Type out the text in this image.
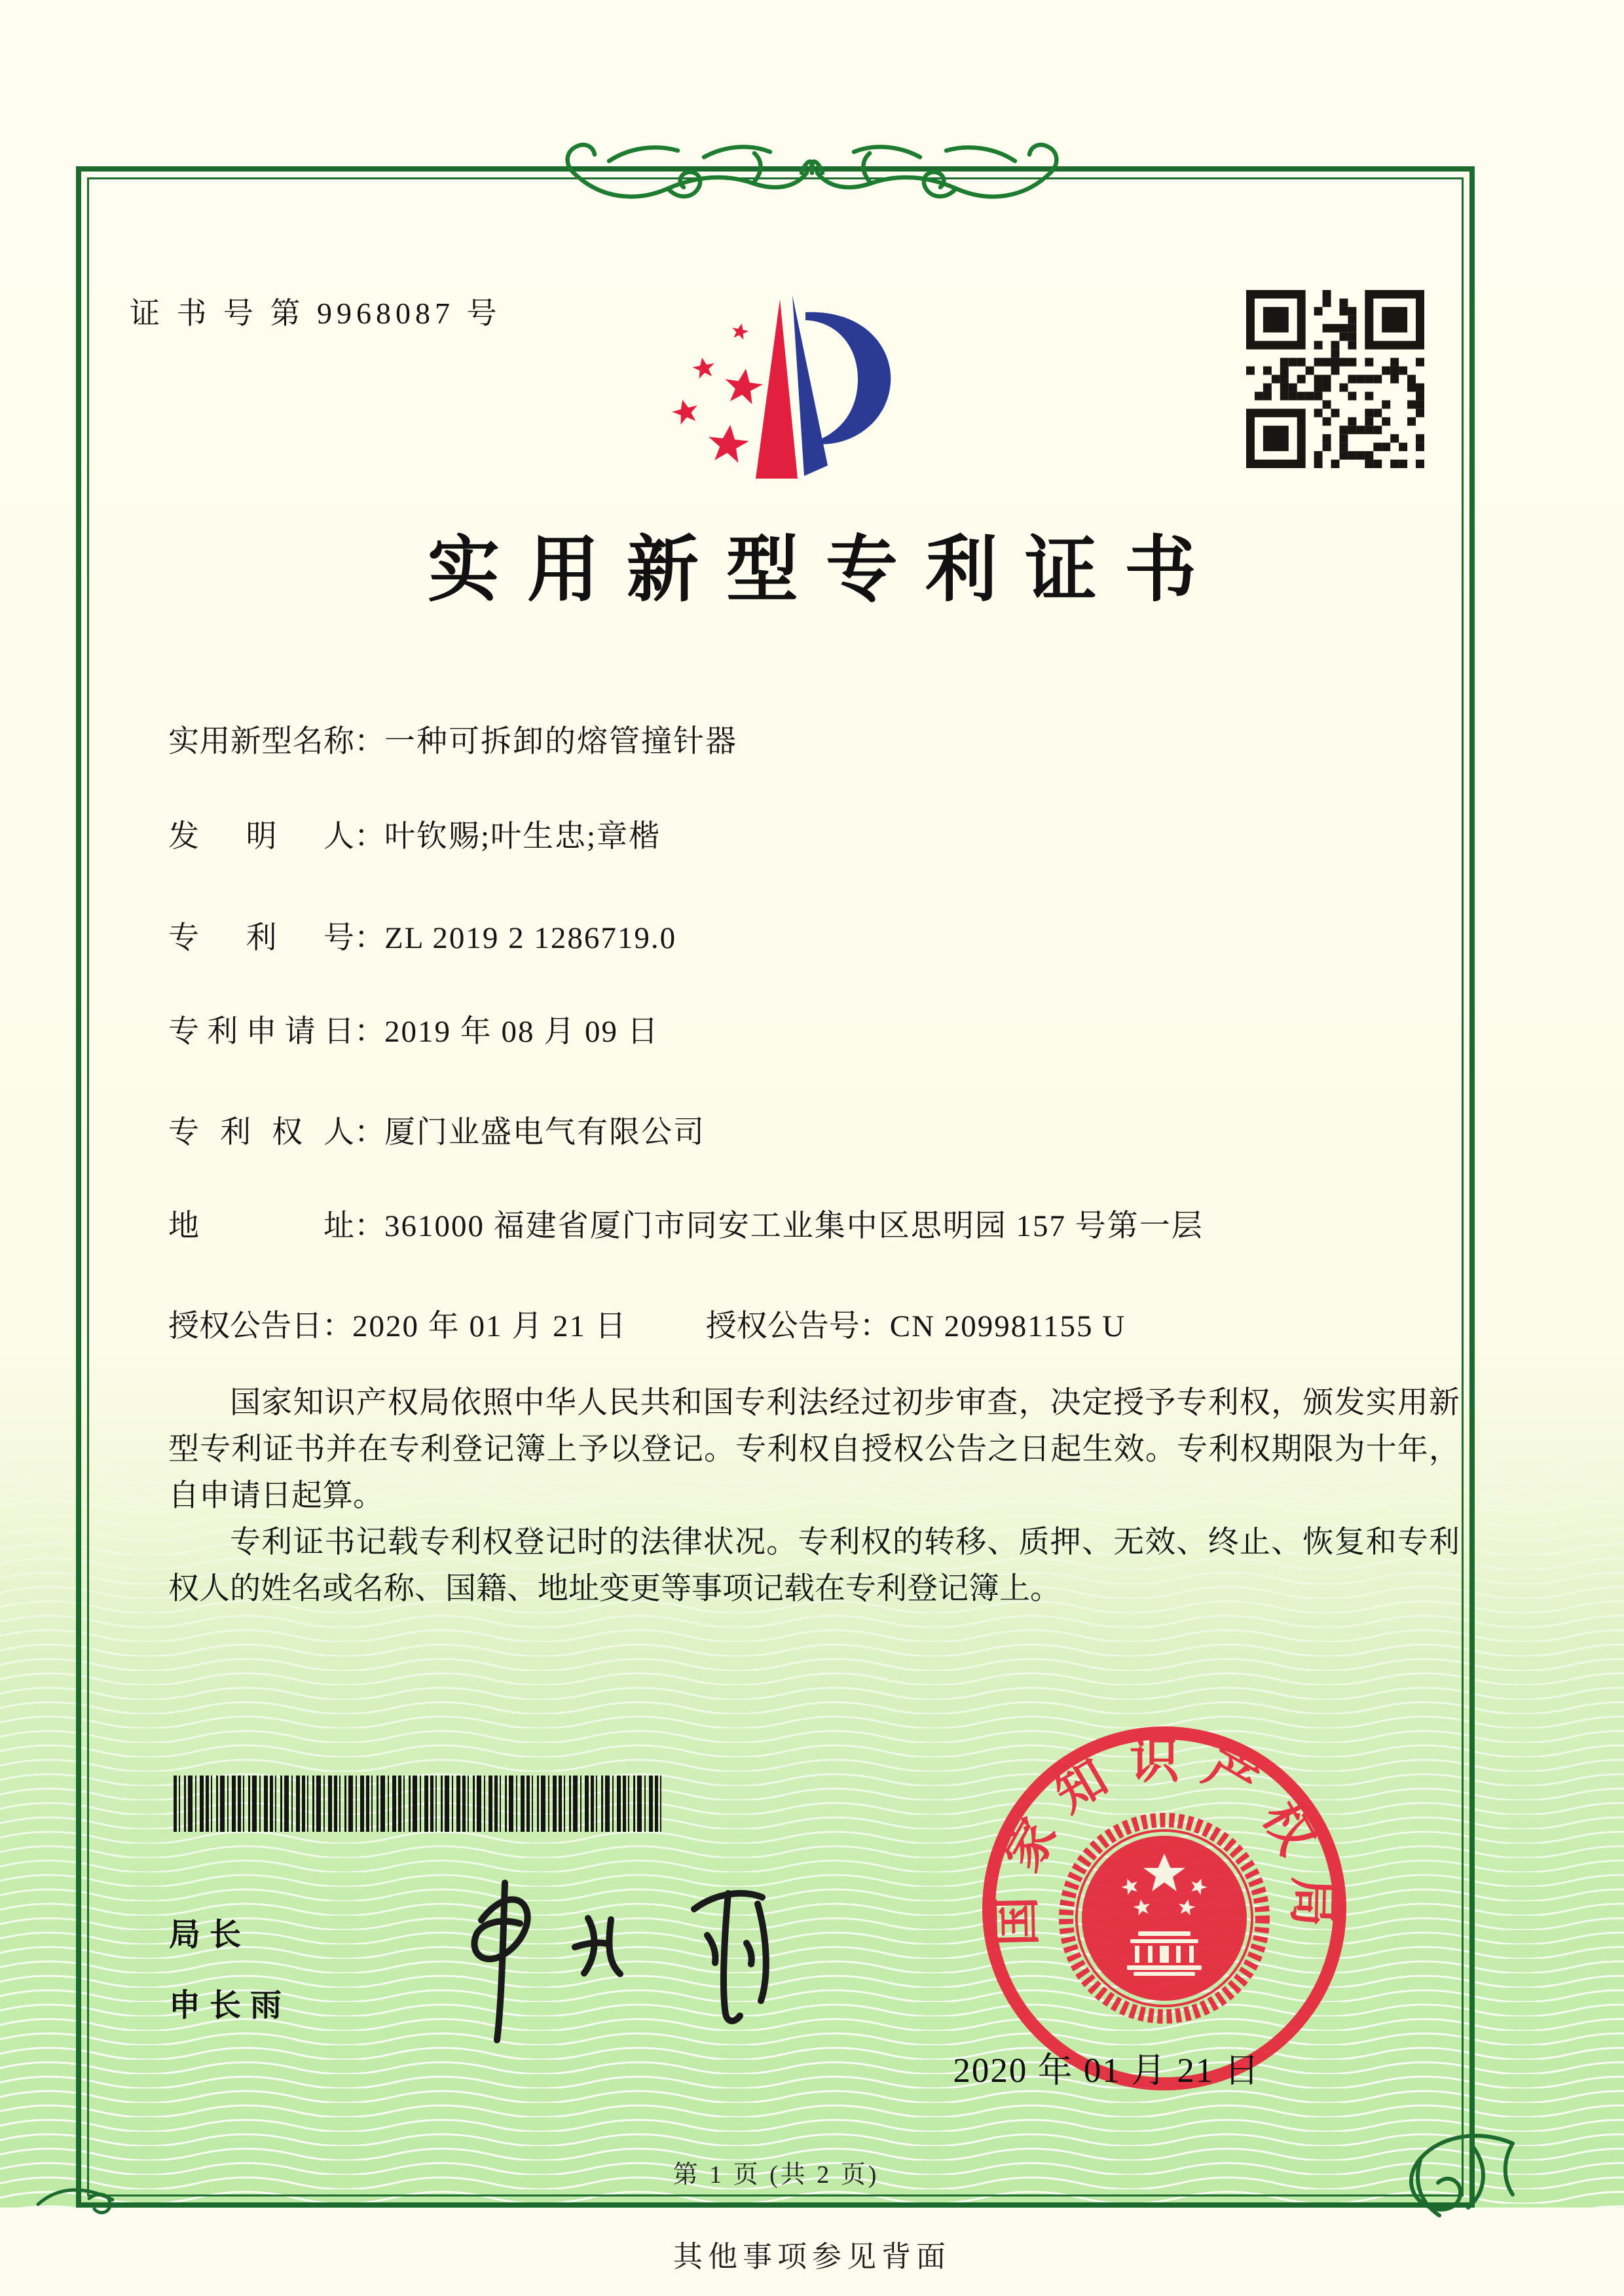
证 书 号 第 9968087 号
实用新型专利证书
实用新型名称：一种可拆卸的熔管撞针器
发明人：叶钦赐;叶生忠;章楷
专利号：ZL 2019 2 1286719.0
专利申请日：2019 年 08 月 09 日
专利权人：厦门业盛电气有限公司
地址：361000 福建省厦门市同安工业集中区思明园 157 号第一层
授权公告日：2020 年 01 月 21 日	授权公告号：CN 209981155 U

国家知识产权局依照中华人民共和国专利法经过初步审查，决定授予专利权，颁发实用新型专利证书并在专利登记簿上予以登记。专利权自授权公告之日起生效。专利权期限为十年，自申请日起算。

专利证书记载专利权登记时的法律状况。专利权的转移、质押、无效、终止、恢复和专利权人的姓名或名称、国籍、地址变更等事项记载在专利登记簿上。

局长
申长雨
国家知识产权局
2020 年 01 月 21 日
第 1 页 (共 2 页)
其他事项参见背面
